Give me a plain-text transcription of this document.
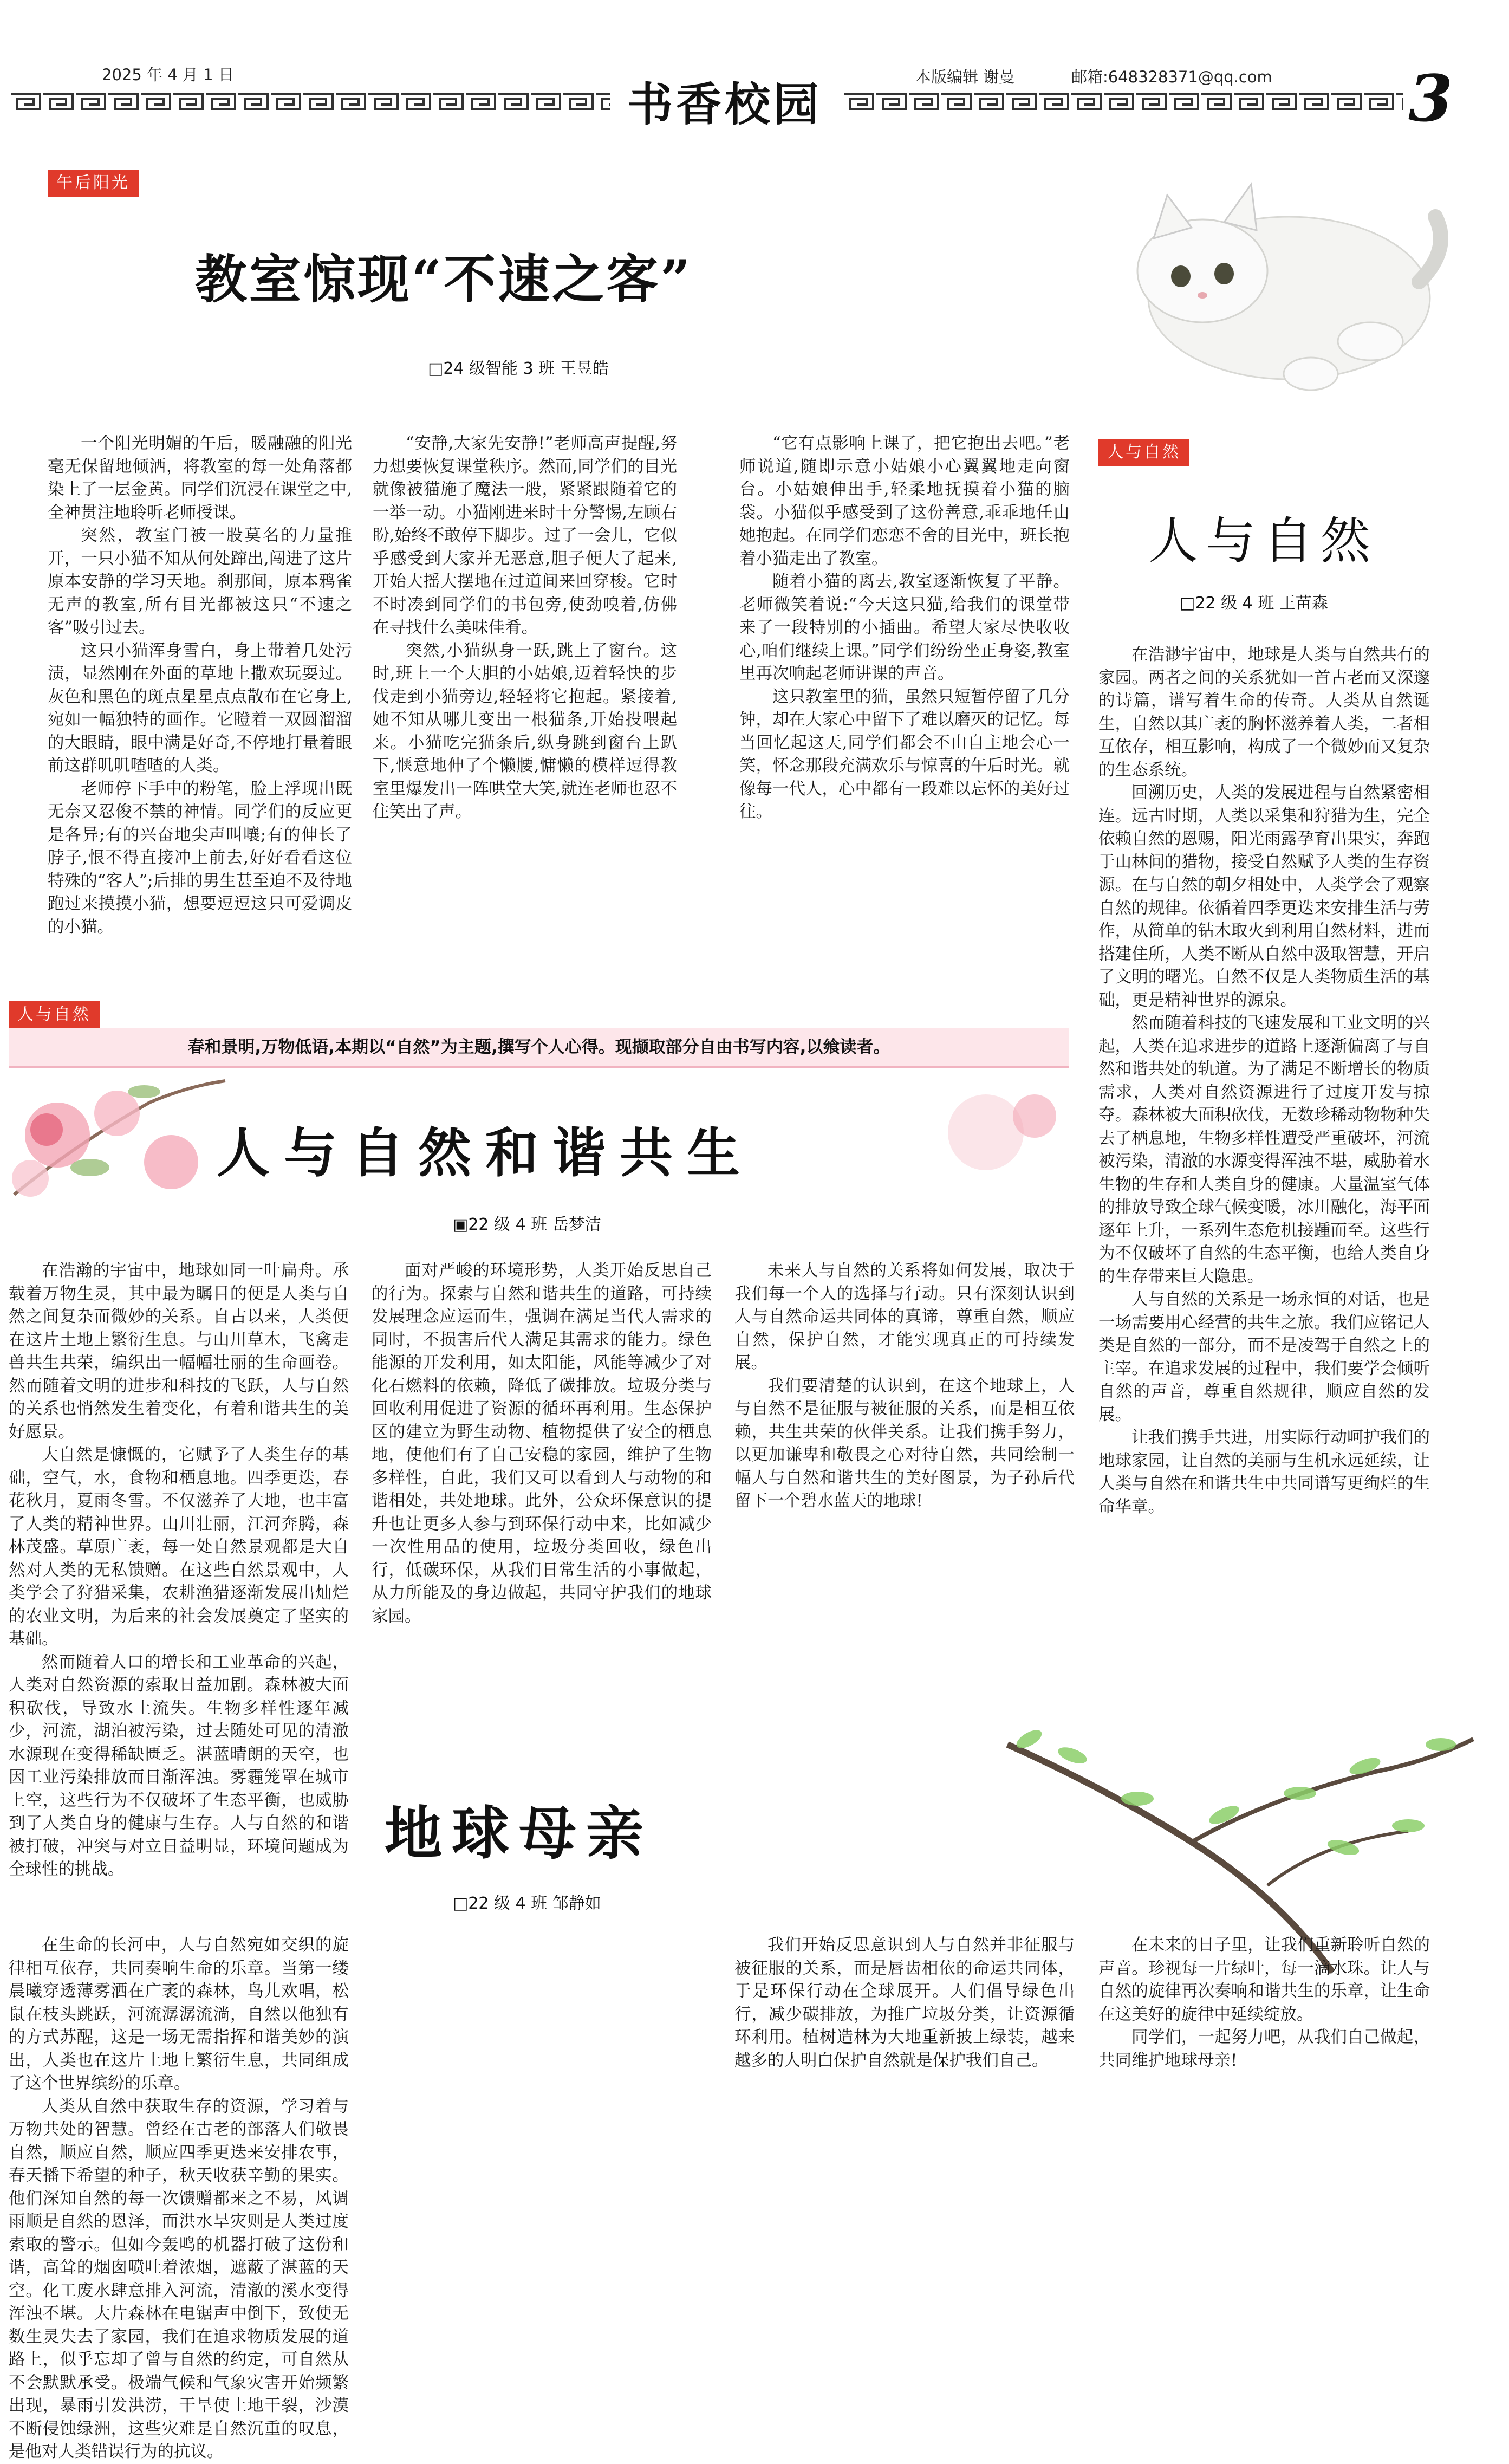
2025 年 4 月 1 日	本版编辑 谢曼	邮箱:648328371@qq.com
书香校园	3
午后阳光
教室惊现“不速之客”
□24 级智能 3 班 王昱皓

一个阳光明媚的午后，暖融融的阳光毫无保留地倾洒，将教室的每一处角落都染上了一层金黄。同学们沉浸在课堂之中,全神贯注地聆听老师授课。

突然，教室门被一股莫名的力量推开，一只小猫不知从何处蹿出,闯进了这片原本安静的学习天地。刹那间，原本鸦雀无声的教室,所有目光都被这只“不速之客”吸引过去。

这只小猫浑身雪白，身上带着几处污渍，显然刚在外面的草地上撒欢玩耍过。灰色和黑色的斑点星星点点散布在它身上,宛如一幅独特的画作。它瞪着一双圆溜溜的大眼睛，眼中满是好奇,不停地打量着眼前这群叽叽喳喳的人类。

老师停下手中的粉笔，脸上浮现出既无奈又忍俊不禁的神情。同学们的反应更是各异;有的兴奋地尖声叫嚷;有的伸长了脖子,恨不得直接冲上前去,好好看看这位特殊的“客人”;后排的男生甚至迫不及待地跑过来摸摸小猫，想要逗逗这只可爱调皮的小猫。

“安静,大家先安静!”老师高声提醒,努力想要恢复课堂秩序。然而,同学们的目光就像被猫施了魔法一般，紧紧跟随着它的一举一动。小猫刚进来时十分警惕,左顾右盼,始终不敢停下脚步。过了一会儿，它似乎感受到大家并无恶意,胆子便大了起来,开始大摇大摆地在过道间来回穿梭。它时不时凑到同学们的书包旁,使劲嗅着,仿佛在寻找什么美味佳肴。

突然,小猫纵身一跃,跳上了窗台。这时,班上一个大胆的小姑娘,迈着轻快的步伐走到小猫旁边,轻轻将它抱起。紧接着,她不知从哪儿变出一根猫条,开始投喂起来。小猫吃完猫条后,纵身跳到窗台上趴下,惬意地伸了个懒腰,慵懒的模样逗得教室里爆发出一阵哄堂大笑,就连老师也忍不住笑出了声。

“它有点影响上课了，把它抱出去吧。”老师说道,随即示意小姑娘小心翼翼地走向窗台。小姑娘伸出手,轻柔地抚摸着小猫的脑袋。小猫似乎感受到了这份善意,乖乖地任由她抱起。在同学们恋恋不舍的目光中，班长抱着小猫走出了教室。

随着小猫的离去,教室逐渐恢复了平静。老师微笑着说:“今天这只猫,给我们的课堂带来了一段特别的小插曲。希望大家尽快收收心,咱们继续上课。”同学们纷纷坐正身姿,教室里再次响起老师讲课的声音。

这只教室里的猫，虽然只短暂停留了几分钟，却在大家心中留下了难以磨灭的记忆。每当回忆起这天,同学们都会不由自主地会心一笑，怀念那段充满欢乐与惊喜的午后时光。就像每一代人，心中都有一段难以忘怀的美好过往。

人与自然
人与自然
□22 级 4 班 王苗森

在浩渺宇宙中，地球是人类与自然共有的家园。两者之间的关系犹如一首古老而又深邃的诗篇，谱写着生命的传奇。人类从自然诞生，自然以其广袤的胸怀滋养着人类，二者相互依存，相互影响，构成了一个微妙而又复杂的生态系统。

回溯历史，人类的发展进程与自然紧密相连。远古时期，人类以采集和狩猎为生，完全依赖自然的恩赐，阳光雨露孕育出果实，奔跑于山林间的猎物，接受自然赋予人类的生存资源。在与自然的朝夕相处中，人类学会了观察自然的规律。依循着四季更迭来安排生活与劳作，从简单的钻木取火到利用自然材料，进而搭建住所，人类不断从自然中汲取智慧，开启了文明的曙光。自然不仅是人类物质生活的基础，更是精神世界的源泉。

然而随着科技的飞速发展和工业文明的兴起，人类在追求进步的道路上逐渐偏离了与自然和谐共处的轨道。为了满足不断增长的物质需求，人类对自然资源进行了过度开发与掠夺。森林被大面积砍伐，无数珍稀动物物种失去了栖息地，生物多样性遭受严重破坏，河流被污染，清澈的水源变得浑浊不堪，威胁着水生物的生存和人类自身的健康。大量温室气体的排放导致全球气候变暖，冰川融化，海平面逐年上升，一系列生态危机接踵而至。这些行为不仅破坏了自然的生态平衡，也给人类自身的生存带来巨大隐患。

人与自然的关系是一场永恒的对话，也是一场需要用心经营的共生之旅。我们应铭记人类是自然的一部分，而不是凌驾于自然之上的主宰。在追求发展的过程中，我们要学会倾听自然的声音，尊重自然规律，顺应自然的发展。

让我们携手共进，用实际行动呵护我们的地球家园，让自然的美丽与生机永远延续，让人类与自然在和谐共生中共同谱写更绚烂的生命华章。

人与自然
春和景明,万物低语,本期以“自然”为主题,撰写个人心得。现撷取部分自由书写内容,以飨读者。
人与自然和谐共生
▣22 级 4 班 岳梦洁

在浩瀚的宇宙中，地球如同一叶扁舟。承载着万物生灵，其中最为瞩目的便是人类与自然之间复杂而微妙的关系。自古以来，人类便在这片土地上繁衍生息。与山川草木，飞禽走兽共生共荣，编织出一幅幅壮丽的生命画卷。然而随着文明的进步和科技的飞跃，人与自然的关系也悄然发生着变化，有着和谐共生的美好愿景。

大自然是慷慨的，它赋予了人类生存的基础，空气，水，食物和栖息地。四季更迭，春花秋月，夏雨冬雪。不仅滋养了大地，也丰富了人类的精神世界。山川壮丽，江河奔腾，森林茂盛。草原广袤，每一处自然景观都是大自然对人类的无私馈赠。在这些自然景观中，人类学会了狩猎采集，农耕渔猎逐渐发展出灿烂的农业文明，为后来的社会发展奠定了坚实的基础。

然而随着人口的增长和工业革命的兴起，人类对自然资源的索取日益加剧。森林被大面积砍伐，导致水土流失。生物多样性逐年减少，河流，湖泊被污染，过去随处可见的清澈水源现在变得稀缺匮乏。湛蓝晴朗的天空，也因工业污染排放而日渐浑浊。雾霾笼罩在城市上空，这些行为不仅破坏了生态平衡，也威胁到了人类自身的健康与生存。人与自然的和谐被打破，冲突与对立日益明显，环境问题成为全球性的挑战。

面对严峻的环境形势，人类开始反思自己的行为。探索与自然和谐共生的道路，可持续发展理念应运而生，强调在满足当代人需求的同时，不损害后代人满足其需求的能力。绿色能源的开发利用，如太阳能，风能等减少了对化石燃料的依赖，降低了碳排放。垃圾分类与回收利用促进了资源的循环再利用。生态保护区的建立为野生动物、植物提供了安全的栖息地，使他们有了自己安稳的家园，维护了生物多样性，自此，我们又可以看到人与动物的和谐相处，共处地球。此外，公众环保意识的提升也让更多人参与到环保行动中来，比如减少一次性用品的使用，垃圾分类回收，绿色出行，低碳环保，从我们日常生活的小事做起，从力所能及的身边做起，共同守护我们的地球家园。

未来人与自然的关系将如何发展，取决于我们每一个人的选择与行动。只有深刻认识到人与自然命运共同体的真谛，尊重自然，顺应自然，保护自然，才能实现真正的可持续发展。

我们要清楚的认识到，在这个地球上，人与自然不是征服与被征服的关系，而是相互依赖，共生共荣的伙伴关系。让我们携手努力，以更加谦卑和敬畏之心对待自然，共同绘制一幅人与自然和谐共生的美好图景，为子孙后代留下一个碧水蓝天的地球!

地球母亲
□22 级 4 班 邹静如

在生命的长河中，人与自然宛如交织的旋律相互依存，共同奏响生命的乐章。当第一缕晨曦穿透薄雾洒在广袤的森林，鸟儿欢唱，松鼠在枝头跳跃，河流潺潺流淌，自然以他独有的方式苏醒，这是一场无需指挥和谐美妙的演出，人类也在这片土地上繁衍生息，共同组成了这个世界缤纷的乐章。

人类从自然中获取生存的资源，学习着与万物共处的智慧。曾经在古老的部落人们敬畏自然，顺应自然，顺应四季更迭来安排农事，春天播下希望的种子，秋天收获辛勤的果实。他们深知自然的每一次馈赠都来之不易，风调雨顺是自然的恩泽，而洪水旱灾则是人类过度索取的警示。但如今轰鸣的机器打破了这份和谐，高耸的烟囱喷吐着浓烟，遮蔽了湛蓝的天空。化工废水肆意排入河流，清澈的溪水变得浑浊不堪。大片森林在电锯声中倒下，致使无数生灵失去了家园，我们在追求物质发展的道路上，似乎忘却了曾与自然的约定，可自然从不会默默承受。极端气候和气象灾害开始频繁出现，暴雨引发洪涝，干旱使土地干裂，沙漠不断侵蚀绿洲，这些灾难是自然沉重的叹息，是他对人类错误行为的抗议。

我们开始反思意识到人与自然并非征服与被征服的关系，而是唇齿相依的命运共同体，于是环保行动在全球展开。人们倡导绿色出行，减少碳排放，为推广垃圾分类，让资源循环利用。植树造林为大地重新披上绿装，越来越多的人明白保护自然就是保护我们自己。

在未来的日子里，让我们重新聆听自然的声音。珍视每一片绿叶，每一滴水珠。让人与自然的旋律再次奏响和谐共生的乐章，让生命在这美好的旋律中延续绽放。

同学们，一起努力吧，从我们自己做起，共同维护地球母亲!
